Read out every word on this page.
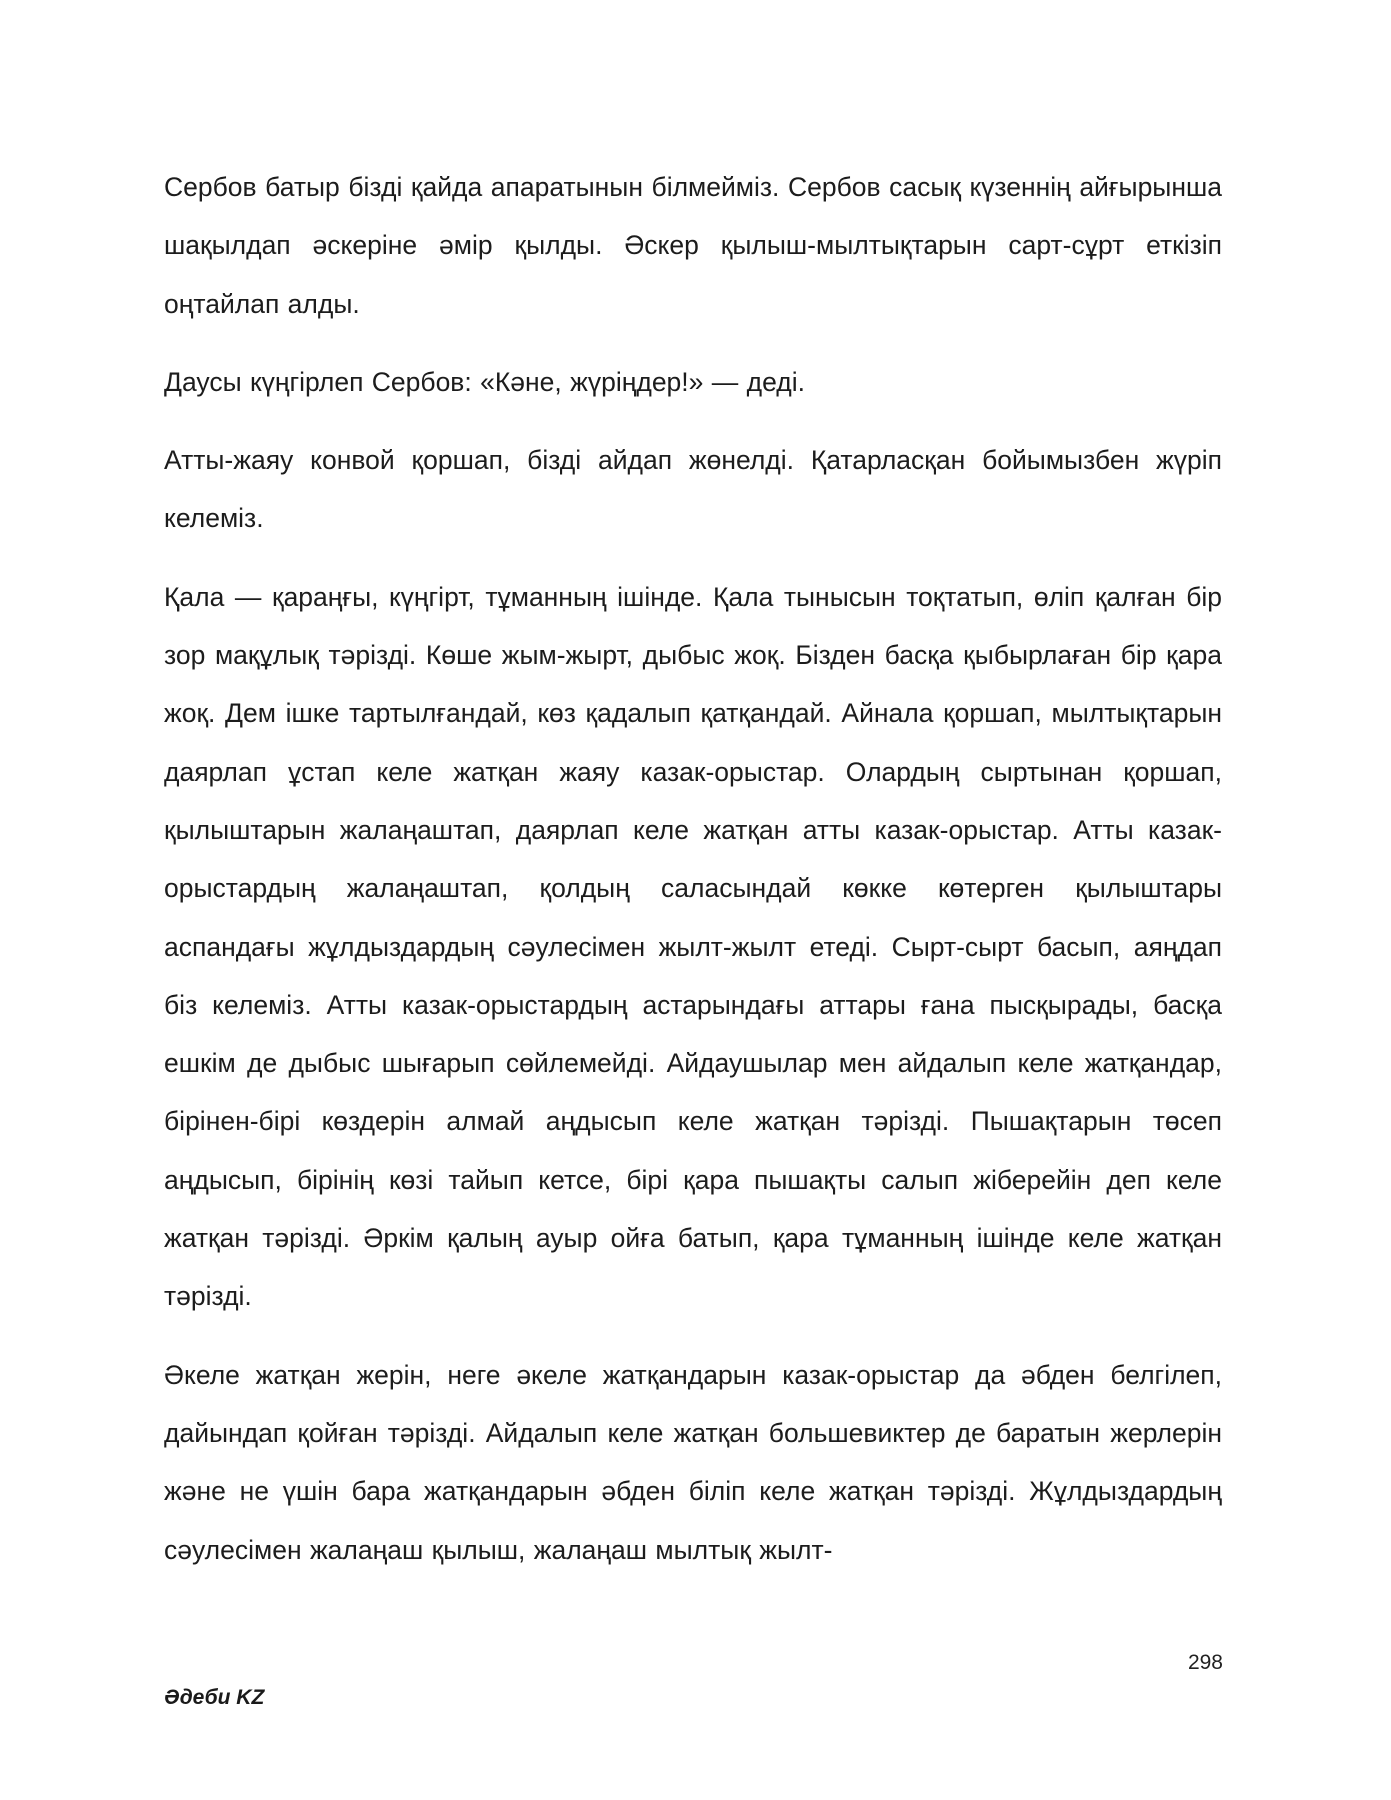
Сербов батыр бізді қайда апаратынын білмейміз. Сербов сасық күзеннің айғырынша шақылдап әскеріне әмір қылды. Әскер қылыш-мылтықтарын сарт-сұрт еткізіп оңтайлап алды.

Даусы күңгірлеп Сербов: «Кәне, жүріңдер!» — деді.

Атты-жаяу конвой қоршап, бізді айдап жөнелді. Қатарласқан бойымызбен жүріп келеміз.

Қала — қараңғы, күңгірт, тұманның ішінде. Қала тынысын тоқтатып, өліп қалған бір зор мақұлық тәрізді. Көше жым-жырт, дыбыс жоқ. Бізден басқа қыбырлаған бір қара жоқ. Дем ішке тартылғандай, көз қадалып қатқандай. Айнала қоршап, мылтықтарын даярлап ұстап келе жатқан жаяу казак-орыстар. Олардың сыртынан қоршап, қылыштарын жалаңаштап, даярлап келе жатқан атты казак-орыстар. Атты казак-орыстардың жалаңаштап, қолдың саласындай көкке көтерген қылыштары аспандағы жұлдыздардың сәулесімен жылт-жылт етеді. Сырт-сырт басып, аяңдап біз келеміз. Атты казак-орыстардың астарындағы аттары ғана пысқырады, басқа ешкім де дыбыс шығарып сөйлемейді. Айдаушылар мен айдалып келе жатқандар, бірінен-бірі көздерін алмай аңдысып келе жатқан тәрізді. Пышақтарын төсеп аңдысып, бірінің көзі тайып кетсе, бірі қара пышақты салып жіберейін деп келе жатқан тәрізді. Әркім қалың ауыр ойға батып, қара тұманның ішінде келе жатқан тәрізді.

Әкеле жатқан жерін, неге әкеле жатқандарын казак-орыстар да әбден белгілеп, дайындап қойған тәрізді. Айдалып келе жатқан большевиктер де баратын жерлерін және не үшін бара жатқандарын әбден біліп келе жатқан тәрізді. Жұлдыздардың сәулесімен жалаңаш қылыш, жалаңаш мылтық жылт-

298
Әдеби KZ
